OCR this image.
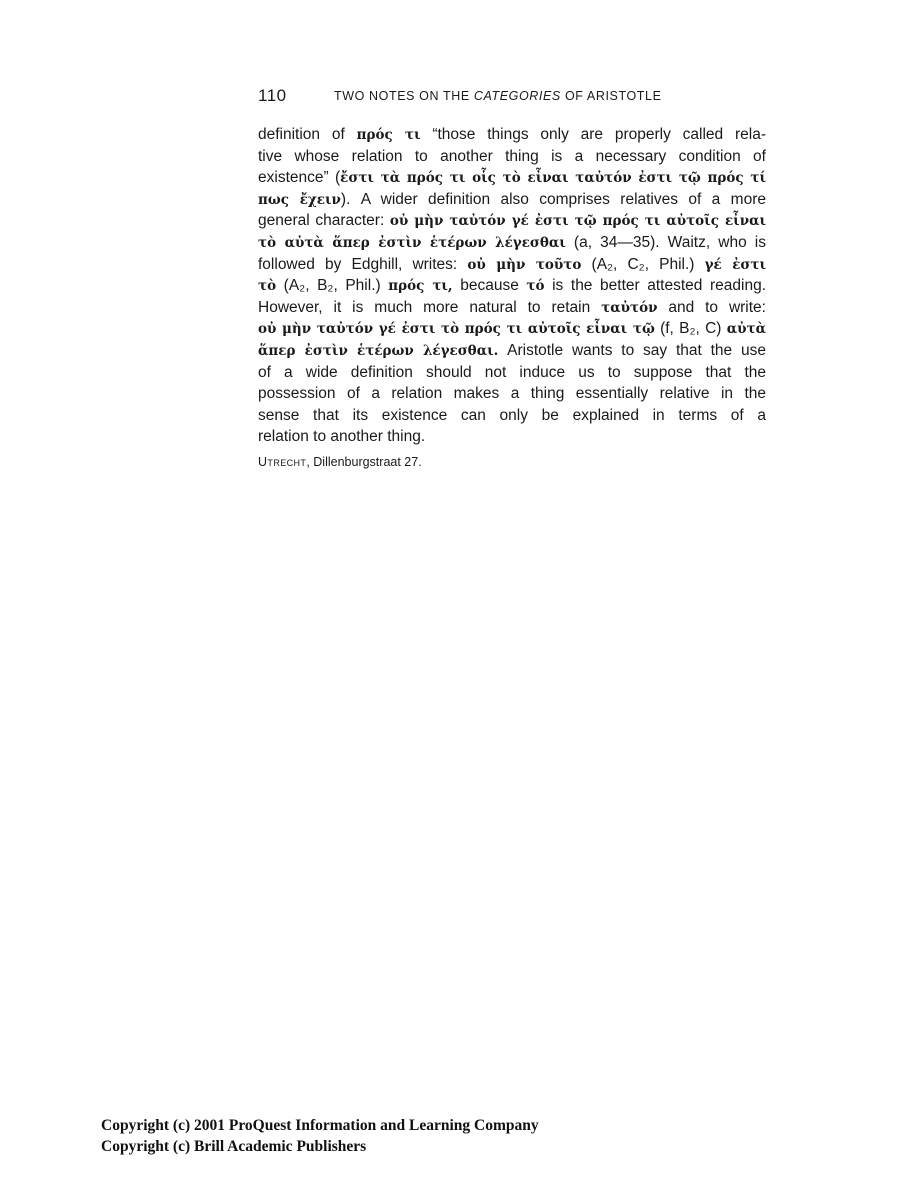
110	TWO NOTES ON THE CATEGORIES OF ARISTOTLE
definition of πρός τι “those things only are properly called rela-
tive whose relation to another thing is a necessary condition of
existence” (ἔστι τὰ πρός τι οἷς τὸ εἶναι ταὐτόν ἐστι τῷ πρός τί
πως ἔχειν). A wider definition also comprises relatives of a more
general character: οὐ μὴν ταὐτόν γέ ἐστι τῷ πρός τι αὐτοῖς εἶναι
τὸ αὐτὰ ἅπερ ἐστὶν ἑτέρων λέγεσθαι (a, 34—35). Waitz, who is
followed by Edghill, writes: οὐ μὴν τοῦτο (A₂, C₂, Phil.) γέ ἐστι
τὸ (A₂, B₂, Phil.) πρός τι, because τό is the better attested reading.
However, it is much more natural to retain ταὐτόν and to write:
οὐ μὴν ταὐτόν γέ ἐστι τὸ πρός τι αὐτοῖς εἶναι τῷ (f, B₂, C) αὐτὰ
ἅπερ ἐστὶν ἑτέρων λέγεσθαι. Aristotle wants to say that the use
of a wide definition should not induce us to suppose that the
possession of a relation makes a thing essentially relative in the
sense that its existence can only be explained in terms of a
relation to another thing.
Utrecht, Dillenburgstraat 27.
Copyright (c) 2001 ProQuest Information and Learning Company
Copyright (c) Brill Academic Publishers
